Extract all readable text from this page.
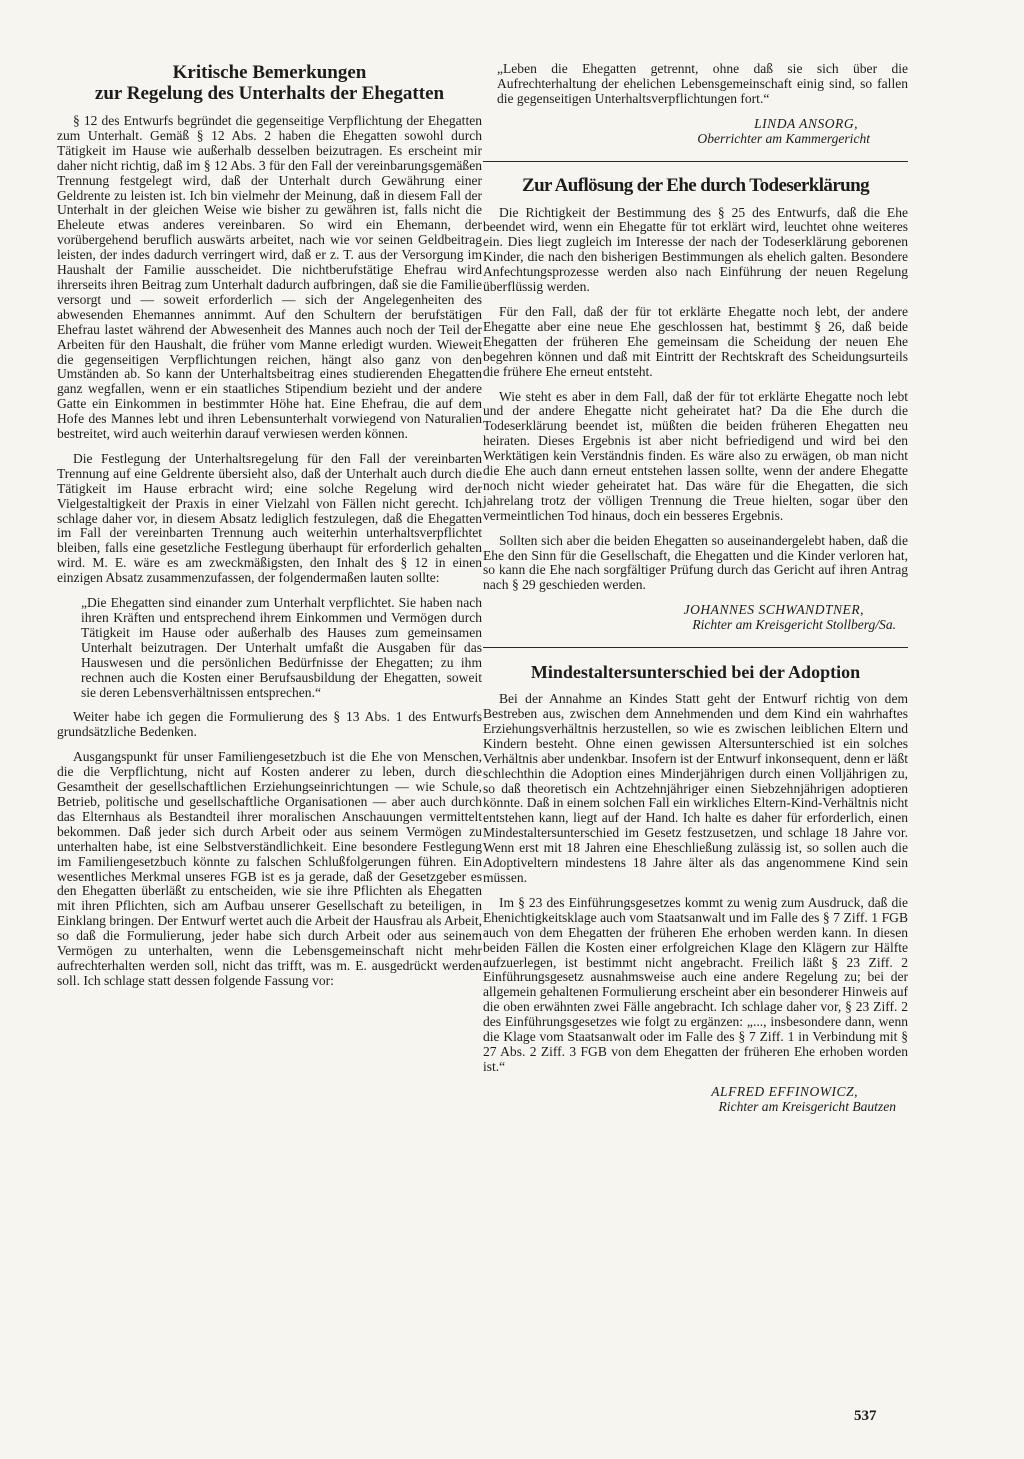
Kritische Bemerkungen
zur Regelung des Unterhalts der Ehegatten

§ 12 des Entwurfs begründet die gegenseitige Verpflichtung der Ehegatten zum Unterhalt. Gemäß § 12 Abs. 2 haben die Ehegatten sowohl durch Tätigkeit im Hause wie außerhalb desselben beizutragen. Es erscheint mir daher nicht richtig, daß im § 12 Abs. 3 für den Fall der vereinbarungsgemäßen Trennung festgelegt wird, daß der Unterhalt durch Gewährung einer Geldrente zu leisten ist. Ich bin vielmehr der Meinung, daß in diesem Fall der Unterhalt in der gleichen Weise wie bisher zu gewähren ist, falls nicht die Eheleute etwas anderes vereinbaren. So wird ein Ehemann, der vorübergehend beruflich auswärts arbeitet, nach wie vor seinen Geldbeitrag leisten, der indes dadurch verringert wird, daß er z. T. aus der Versorgung im Haushalt der Familie ausscheidet. Die nichtberufstätige Ehefrau wird ihrerseits ihren Beitrag zum Unterhalt dadurch aufbringen, daß sie die Familie versorgt und — soweit erforderlich — sich der Angelegenheiten des abwesenden Ehemannes annimmt. Auf den Schultern der berufstätigen Ehefrau lastet während der Abwesenheit des Mannes auch noch der Teil der Arbeiten für den Haushalt, die früher vom Manne erledigt wurden. Wieweit die gegenseitigen Verpflichtungen reichen, hängt also ganz von den Umständen ab. So kann der Unterhaltsbeitrag eines studierenden Ehegatten ganz wegfallen, wenn er ein staatliches Stipendium bezieht und der andere Gatte ein Einkommen in bestimmter Höhe hat. Eine Ehefrau, die auf dem Hofe des Mannes lebt und ihren Lebensunterhalt vorwiegend von Naturalien bestreitet, wird auch weiterhin darauf verwiesen werden können.

Die Festlegung der Unterhaltsregelung für den Fall der vereinbarten Trennung auf eine Geldrente übersieht also, daß der Unterhalt auch durch die Tätigkeit im Hause erbracht wird; eine solche Regelung wird der Vielgestaltigkeit der Praxis in einer Vielzahl von Fällen nicht gerecht. Ich schlage daher vor, in diesem Absatz lediglich festzulegen, daß die Ehegatten im Fall der vereinbarten Trennung auch weiterhin unterhaltsverpflichtet bleiben, falls eine gesetzliche Festlegung überhaupt für erforderlich gehalten wird. M. E. wäre es am zweckmäßigsten, den Inhalt des § 12 in einen einzigen Absatz zusammenzufassen, der folgendermaßen lauten sollte:

„Die Ehegatten sind einander zum Unterhalt verpflichtet. Sie haben nach ihren Kräften und entsprechend ihrem Einkommen und Vermögen durch Tätigkeit im Hause oder außerhalb des Hauses zum gemeinsamen Unterhalt beizutragen. Der Unterhalt umfaßt die Ausgaben für das Hauswesen und die persönlichen Bedürfnisse der Ehegatten; zu ihm rechnen auch die Kosten einer Berufsausbildung der Ehegatten, soweit sie deren Lebensverhältnissen entsprechen.“

Weiter habe ich gegen die Formulierung des § 13 Abs. 1 des Entwurfs grundsätzliche Bedenken.

Ausgangspunkt für unser Familiengesetzbuch ist die Ehe von Menschen, die die Verpflichtung, nicht auf Kosten anderer zu leben, durch die Gesamtheit der gesellschaftlichen Erziehungseinrichtungen — wie Schule, Betrieb, politische und gesellschaftliche Organisationen — aber auch durch das Elternhaus als Bestandteil ihrer moralischen Anschauungen vermittelt bekommen. Daß jeder sich durch Arbeit oder aus seinem Vermögen zu unterhalten habe, ist eine Selbstverständlichkeit. Eine besondere Festlegung im Familiengesetzbuch könnte zu falschen Schlußfolgerungen führen. Ein wesentliches Merkmal unseres FGB ist es ja gerade, daß der Gesetzgeber es den Ehegatten überläßt zu entscheiden, wie sie ihre Pflichten als Ehegatten mit ihren Pflichten, sich am Aufbau unserer Gesellschaft zu beteiligen, in Einklang bringen. Der Entwurf wertet auch die Arbeit der Hausfrau als Arbeit, so daß die Formulierung, jeder habe sich durch Arbeit oder aus seinem Vermögen zu unterhalten, wenn die Lebensgemeinschaft nicht mehr aufrechterhalten werden soll, nicht das trifft, was m. E. ausgedrückt werden soll. Ich schlage statt dessen folgende Fassung vor:

„Leben die Ehegatten getrennt, ohne daß sie sich über die Aufrechterhaltung der ehelichen Lebensgemeinschaft einig sind, so fallen die gegenseitigen Unterhaltsverpflichtungen fort.“

LINDA ANSORG,

Oberrichter am Kammergericht

Zur Auflösung der Ehe durch Todeserklärung

Die Richtigkeit der Bestimmung des § 25 des Entwurfs, daß die Ehe beendet wird, wenn ein Ehegatte für tot erklärt wird, leuchtet ohne weiteres ein. Dies liegt zugleich im Interesse der nach der Todeserklärung geborenen Kinder, die nach den bisherigen Bestimmungen als ehelich galten. Besondere Anfechtungsprozesse werden also nach Einführung der neuen Regelung überflüssig werden.

Für den Fall, daß der für tot erklärte Ehegatte noch lebt, der andere Ehegatte aber eine neue Ehe geschlossen hat, bestimmt § 26, daß beide Ehegatten der früheren Ehe gemeinsam die Scheidung der neuen Ehe begehren können und daß mit Eintritt der Rechtskraft des Scheidungsurteils die frühere Ehe erneut entsteht.

Wie steht es aber in dem Fall, daß der für tot erklärte Ehegatte noch lebt und der andere Ehegatte nicht geheiratet hat? Da die Ehe durch die Todeserklärung beendet ist, müßten die beiden früheren Ehegatten neu heiraten. Dieses Ergebnis ist aber nicht befriedigend und wird bei den Werktätigen kein Verständnis finden. Es wäre also zu erwägen, ob man nicht die Ehe auch dann erneut entstehen lassen sollte, wenn der andere Ehegatte noch nicht wieder geheiratet hat. Das wäre für die Ehegatten, die sich jahrelang trotz der völligen Trennung die Treue hielten, sogar über den vermeintlichen Tod hinaus, doch ein besseres Ergebnis.

Sollten sich aber die beiden Ehegatten so auseinandergelebt haben, daß die Ehe den Sinn für die Gesellschaft, die Ehegatten und die Kinder verloren hat, so kann die Ehe nach sorgfältiger Prüfung durch das Gericht auf ihren Antrag nach § 29 geschieden werden.

JOHANNES SCHWANDTNER,

Richter am Kreisgericht Stollberg/Sa.

Mindestaltersunterschied bei der Adoption

Bei der Annahme an Kindes Statt geht der Entwurf richtig von dem Bestreben aus, zwischen dem Annehmenden und dem Kind ein wahrhaftes Erziehungsverhältnis herzustellen, so wie es zwischen leiblichen Eltern und Kindern besteht. Ohne einen gewissen Altersunterschied ist ein solches Verhältnis aber undenkbar. Insofern ist der Entwurf inkonsequent, denn er läßt schlechthin die Adoption eines Minderjährigen durch einen Volljährigen zu, so daß theoretisch ein Achtzehnjähriger einen Siebzehnjährigen adoptieren könnte. Daß in einem solchen Fall ein wirkliches Eltern-Kind-Verhältnis nicht entstehen kann, liegt auf der Hand. Ich halte es daher für erforderlich, einen Mindestaltersunterschied im Gesetz festzusetzen, und schlage 18 Jahre vor. Wenn erst mit 18 Jahren eine Eheschließung zulässig ist, so sollen auch die Adoptiveltern mindestens 18 Jahre älter als das angenommene Kind sein müssen.

Im § 23 des Einführungsgesetzes kommt zu wenig zum Ausdruck, daß die Ehenichtigkeitsklage auch vom Staatsanwalt und im Falle des § 7 Ziff. 1 FGB auch von dem Ehegatten der früheren Ehe erhoben werden kann. In diesen beiden Fällen die Kosten einer erfolgreichen Klage den Klägern zur Hälfte aufzuerlegen, ist bestimmt nicht angebracht. Freilich läßt § 23 Ziff. 2 Einführungsgesetz ausnahmsweise auch eine andere Regelung zu; bei der allgemein gehaltenen Formulierung erscheint aber ein besonderer Hinweis auf die oben erwähnten zwei Fälle angebracht. Ich schlage daher vor, § 23 Ziff. 2 des Einführungsgesetzes wie folgt zu ergänzen: „..., insbesondere dann, wenn die Klage vom Staatsanwalt oder im Falle des § 7 Ziff. 1 in Verbindung mit § 27 Abs. 2 Ziff. 3 FGB von dem Ehegatten der früheren Ehe erhoben worden ist.“

ALFRED EFFINOWICZ,

Richter am Kreisgericht Bautzen

537
